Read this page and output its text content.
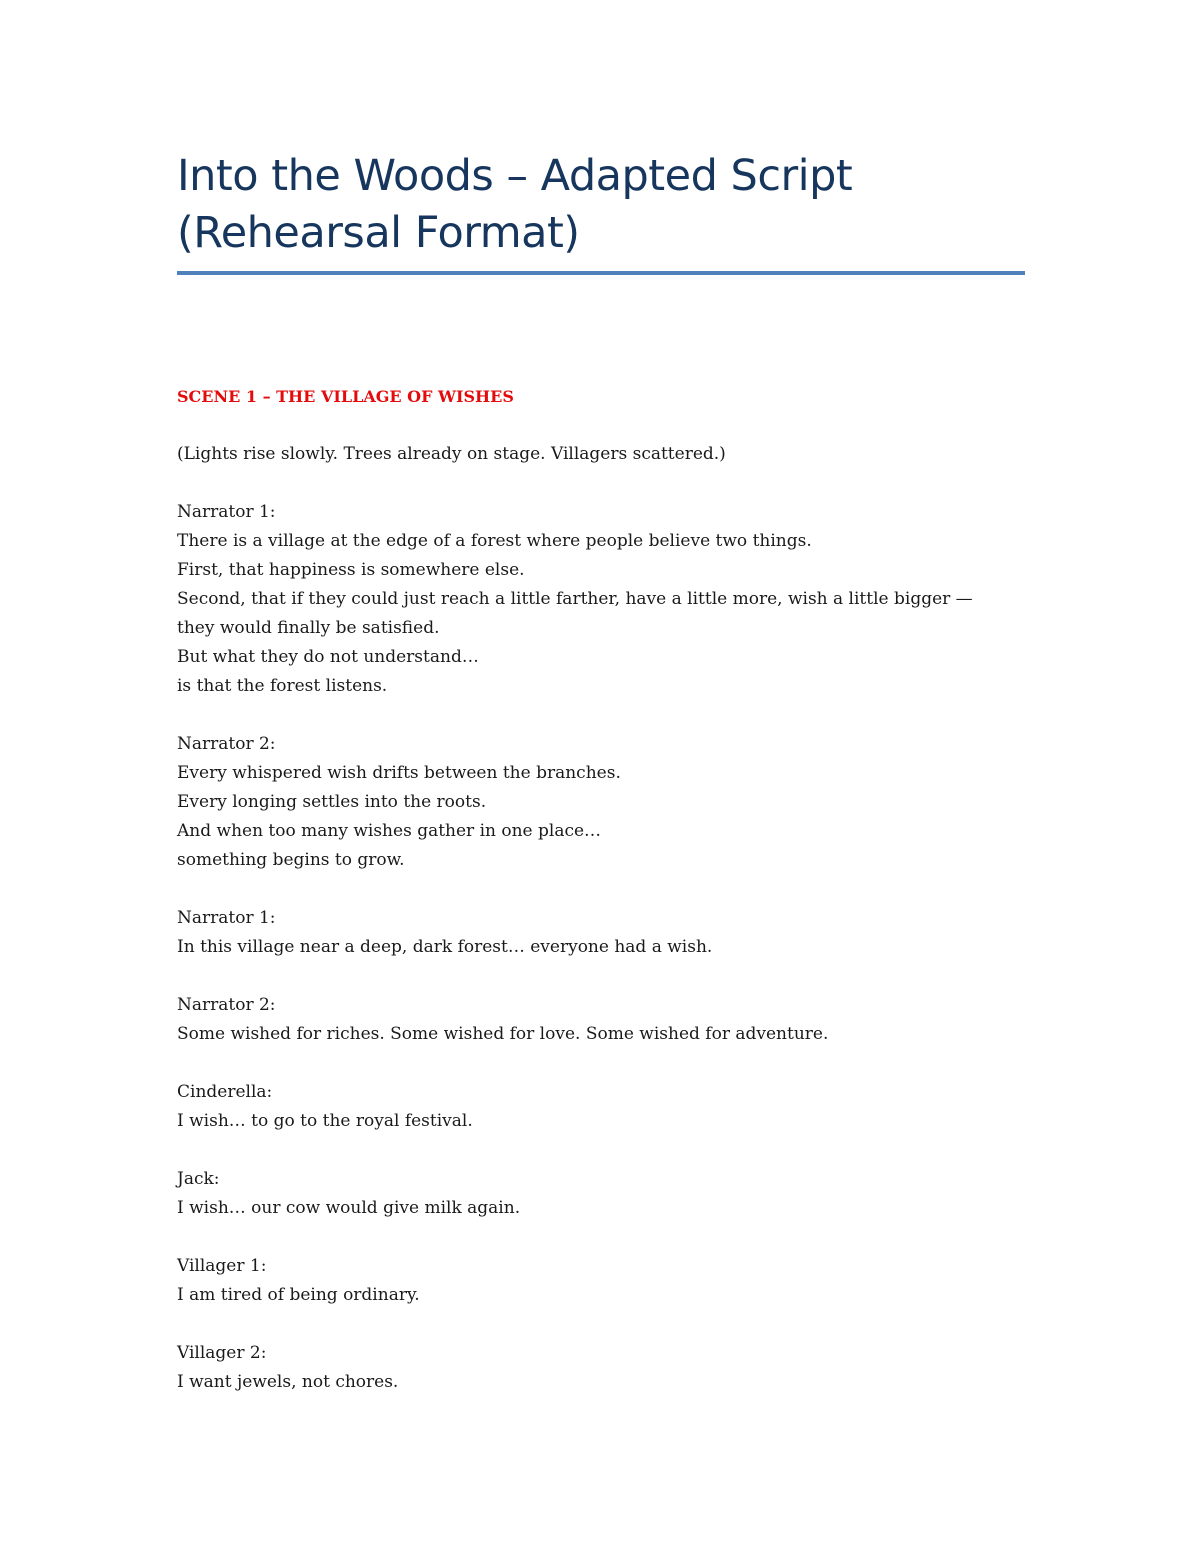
Into the Woods – Adapted Script
(Rehearsal Format)
SCENE 1 – THE VILLAGE OF WISHES
(Lights rise slowly. Trees already on stage. Villagers scattered.)
Narrator 1:
There is a village at the edge of a forest where people believe two things.
First, that happiness is somewhere else.
Second, that if they could just reach a little farther, have a little more, wish a little bigger —
they would finally be satisfied.
But what they do not understand…
is that the forest listens.
Narrator 2:
Every whispered wish drifts between the branches.
Every longing settles into the roots.
And when too many wishes gather in one place…
something begins to grow.
Narrator 1:
In this village near a deep, dark forest… everyone had a wish.
Narrator 2:
Some wished for riches. Some wished for love. Some wished for adventure.
Cinderella:
I wish… to go to the royal festival.
Jack:
I wish… our cow would give milk again.
Villager 1:
I am tired of being ordinary.
Villager 2:
I want jewels, not chores.
